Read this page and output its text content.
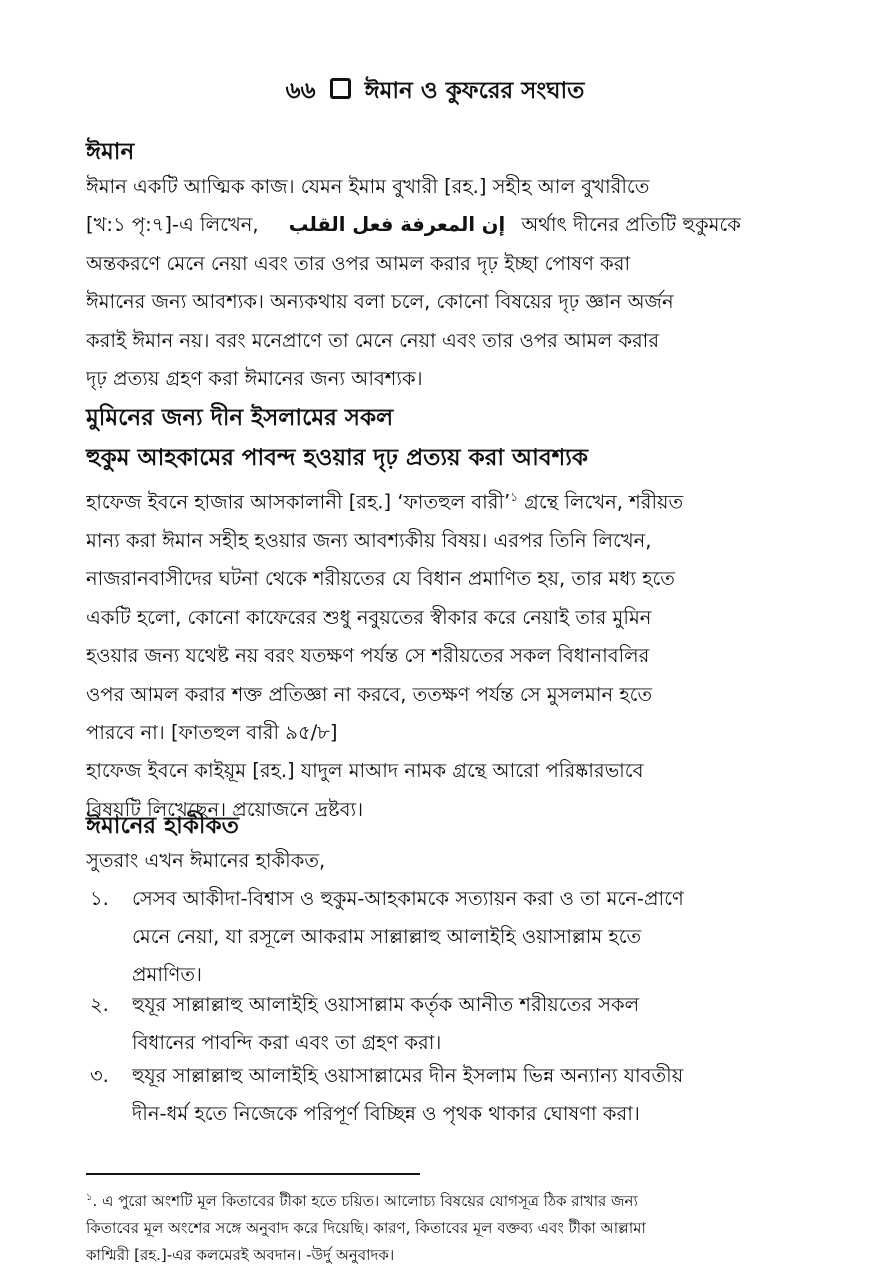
৬৬ ঈমান ও কুফরের সংঘাত
ঈমান
ঈমান একটি আত্মিক কাজ। যেমন ইমাম বুখারী [রহ.] সহীহ আল বুখারীতে
[খ:১ পৃ:৭]-এ লিখেন, إن المعرفة فعل القلب অর্থাৎ দীনের প্রতিটি হুকুমকে
অন্তকরণে মেনে নেয়া এবং তার ওপর আমল করার দৃঢ় ইচ্ছা পোষণ করা
ঈমানের জন্য আবশ্যক। অন্যকথায় বলা চলে, কোনো বিষয়ের দৃঢ় জ্ঞান অর্জন
করাই ঈমান নয়। বরং মনেপ্রাণে তা মেনে নেয়া এবং তার ওপর আমল করার
দৃঢ় প্রত্যয় গ্রহণ করা ঈমানের জন্য আবশ্যক।
মুমিনের জন্য দীন ইসলামের সকল
হুকুম আহকামের পাবন্দ হওয়ার দৃঢ় প্রত্যয় করা আবশ্যক
হাফেজ ইবনে হাজার আসকালানী [রহ.] ‘ফাতহুল বারী’$^১$ গ্রন্থে লিখেন, শরীয়ত
মান্য করা ঈমান সহীহ হওয়ার জন্য আবশ্যকীয় বিষয়। এরপর তিনি লিখেন,
নাজরানবাসীদের ঘটনা থেকে শরীয়তের যে বিধান প্রমাণিত হয়, তার মধ্য হতে
একটি হলো, কোনো কাফেরের শুধু নবুয়তের স্বীকার করে নেয়াই তার মুমিন
হওয়ার জন্য যথেষ্ট নয় বরং যতক্ষণ পর্যন্ত সে শরীয়তের সকল বিধানাবলির
ওপর আমল করার শক্ত প্রতিজ্ঞা না করবে, ততক্ষণ পর্যন্ত সে মুসলমান হতে
পারবে না। [ফাতহুল বারী ৯৫/৮]
হাফেজ ইবনে কাইয়ূম [রহ.] যাদুল মাআদ নামক গ্রন্থে আরো পরিষ্কারভাবে
বিষয়টি লিখেছেন। প্রয়োজনে দ্রষ্টব্য।
ঈমানের হাকীকত
সুতরাং এখন ঈমানের হাকীকত,
১.	সেসব আকীদা-বিশ্বাস ও হুকুম-আহকামকে সত্যায়ন করা ও তা মনে-প্রাণে
মেনে নেয়া, যা রসূলে আকরাম সাল্লাল্লাহু আলাইহি ওয়াসাল্লাম হতে
প্রমাণিত।
২.	হুযূর সাল্লাল্লাহু আলাইহি ওয়াসাল্লাম কর্তৃক আনীত শরীয়তের সকল
বিধানের পাবন্দি করা এবং তা গ্রহণ করা।
৩.	হুযূর সাল্লাল্লাহু আলাইহি ওয়াসাল্লামের দীন ইসলাম ভিন্ন অন্যান্য যাবতীয়
দীন-ধর্ম হতে নিজেকে পরিপূর্ণ বিচ্ছিন্ন ও পৃথক থাকার ঘোষণা করা।
$^১$. এ পুরো অংশটি মূল কিতাবের টীকা হতে চয়িত। আলোচ্য বিষয়ের যোগসূত্র ঠিক রাখার জন্য
কিতাবের মূল অংশের সঙ্গে অনুবাদ করে দিয়েছি। কারণ, কিতাবের মূল বক্তব্য এবং টীকা আল্লামা
কাশ্মিরী [রহ.]-এর কলমেরই অবদান। -উর্দু অনুবাদক।
